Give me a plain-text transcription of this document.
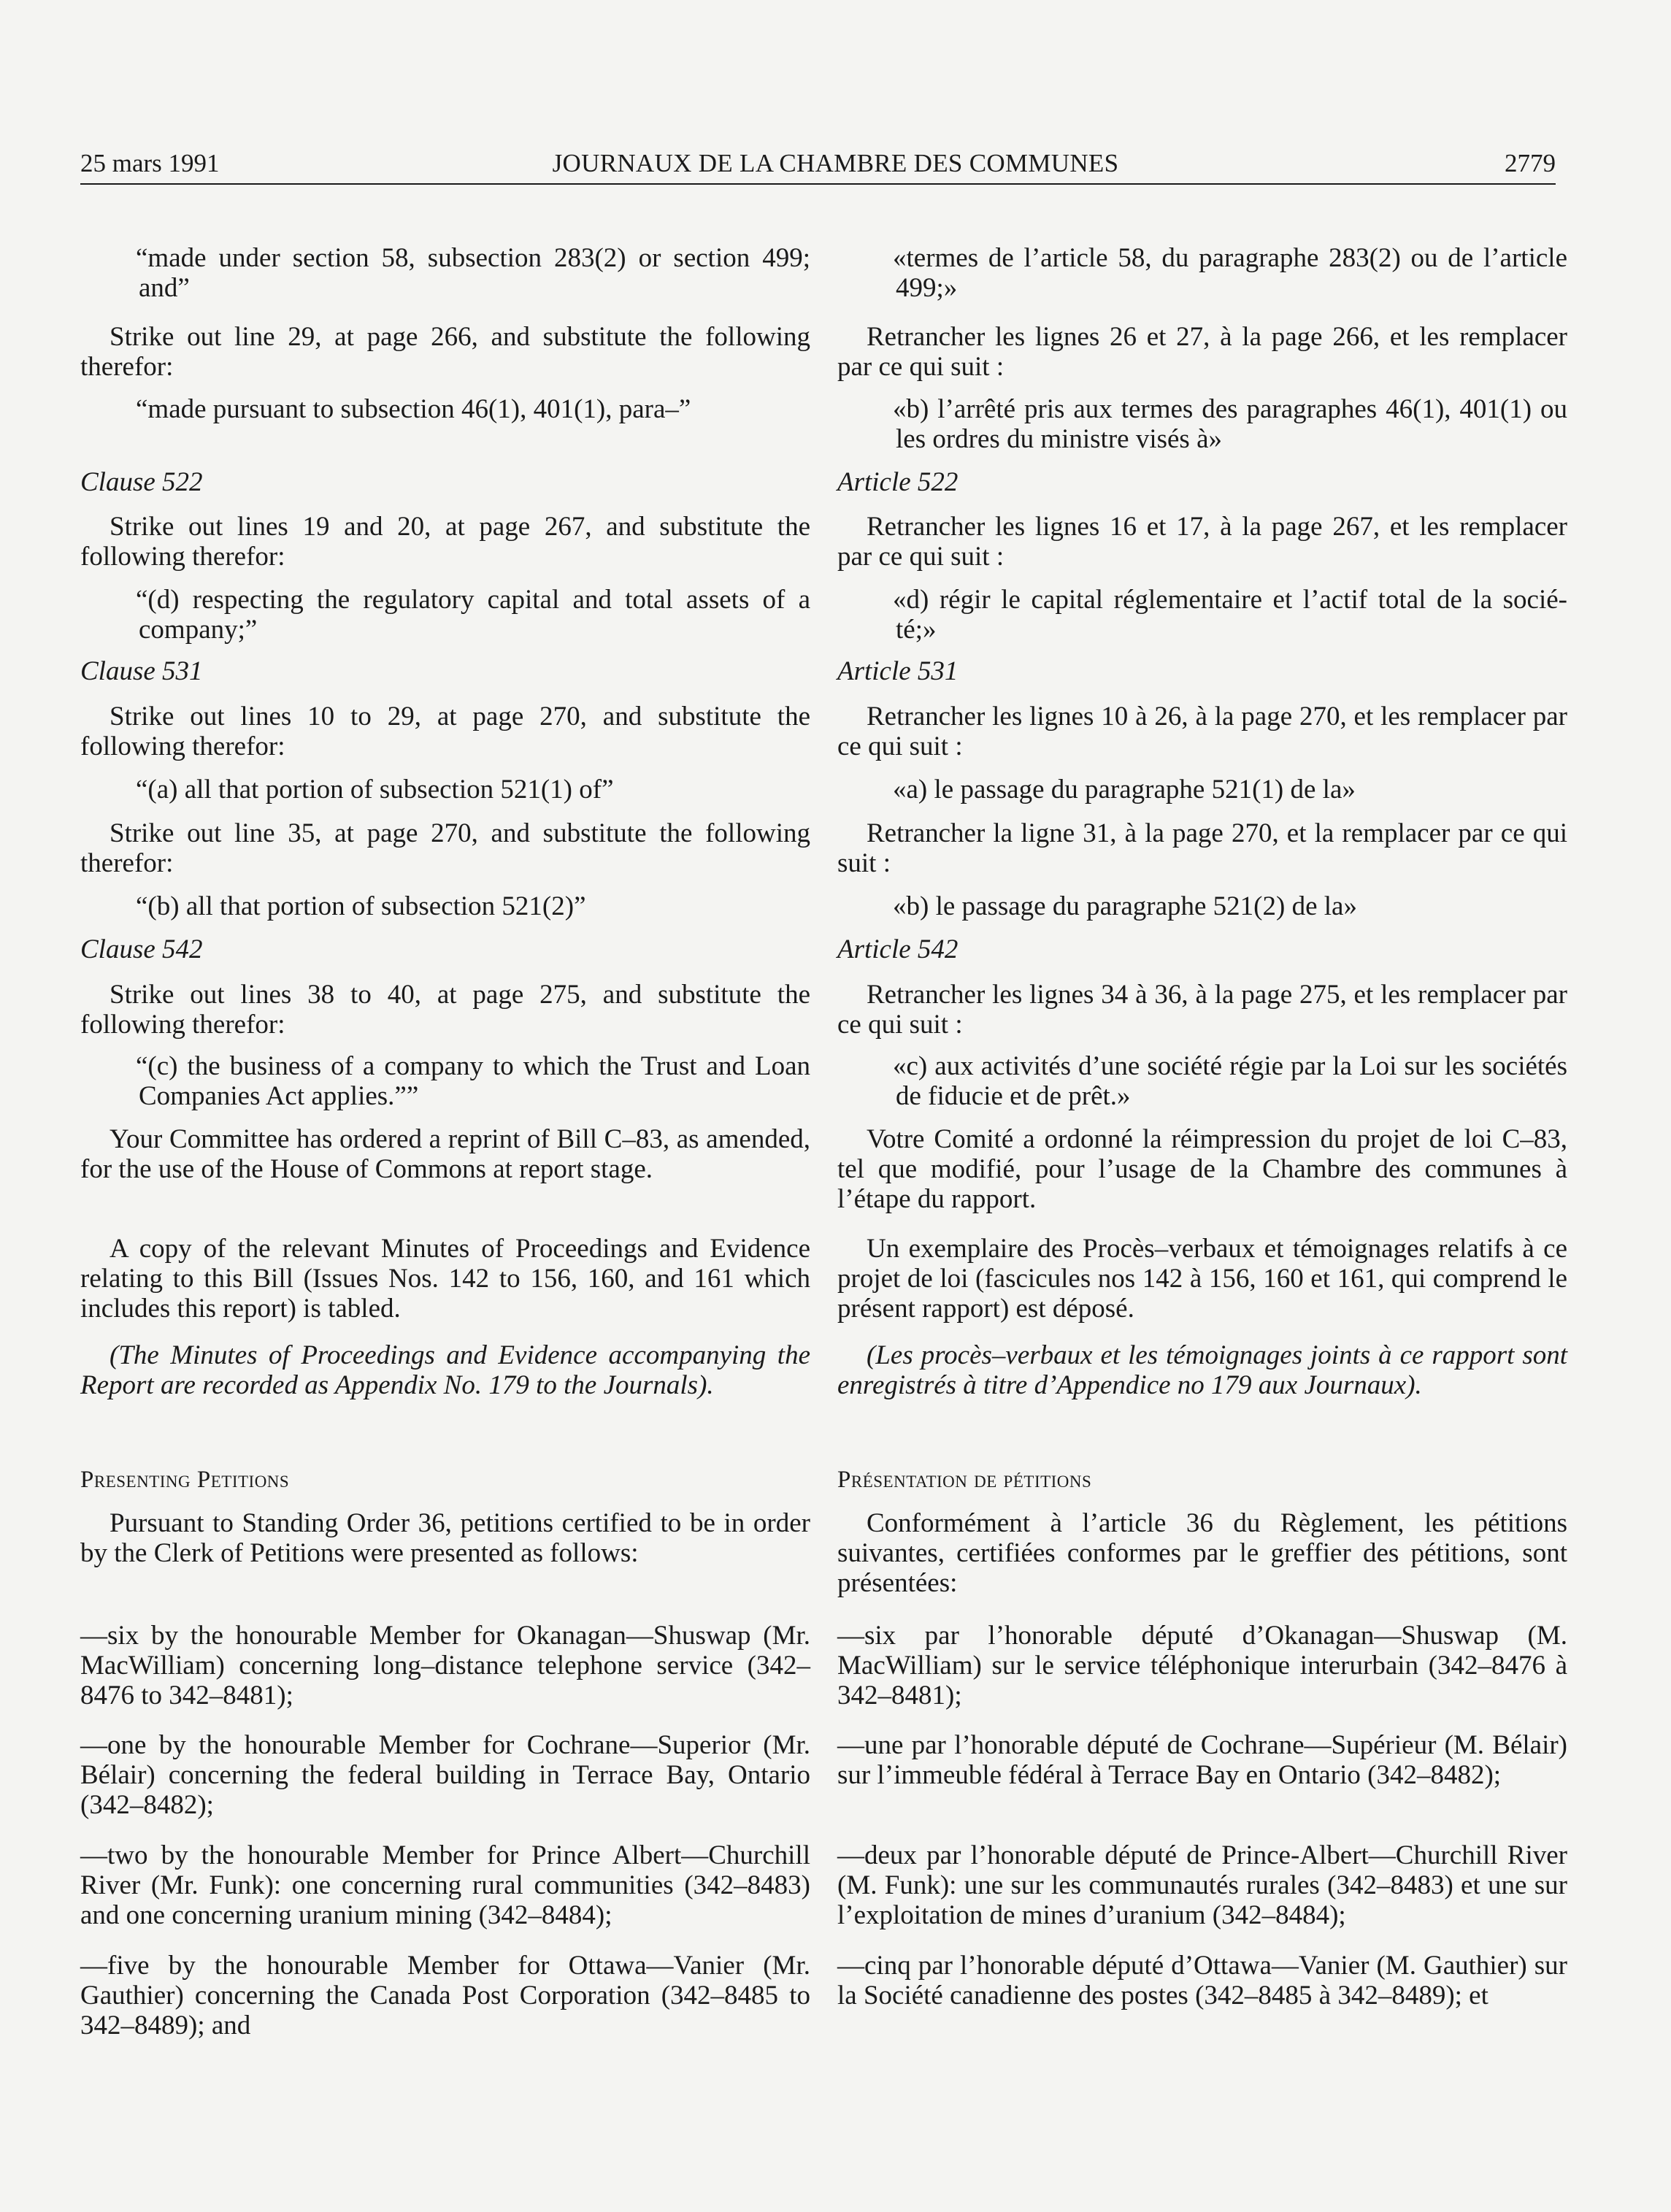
25 mars 1991	JOURNAUX DE LA CHAMBRE DES COMMUNES	2779

“made under section 58, subsection 283(2) or section 499; and”

Strike out line 29, at page 266, and substitute the following therefor:

“made pursuant to subsection 46(1), 401(1), para–”

Clause 522

Strike out lines 19 and 20, at page 267, and substitute the following therefor:

“(d) respecting the regulatory capital and total assets of a company;”

Clause 531

Strike out lines 10 to 29, at page 270, and substitute the following therefor:

“(a) all that portion of subsection 521(1) of”

Strike out line 35, at page 270, and substitute the following therefor:

“(b) all that portion of subsection 521(2)”

Clause 542

Strike out lines 38 to 40, at page 275, and substitute the following therefor:

“(c) the business of a company to which the Trust and Loan Companies Act applies.””

Your Committee has ordered a reprint of Bill C–83, as amended, for the use of the House of Commons at report stage.

A copy of the relevant Minutes of Proceedings and Evidence relating to this Bill (Issues Nos. 142 to 156, 160, and 161 which includes this report) is tabled.

(The Minutes of Proceedings and Evidence accompanying the Report are recorded as Appendix No. 179 to the Journals).

Presenting Petitions

Pursuant to Standing Order 36, petitions certified to be in order by the Clerk of Petitions were presented as follows:

—six by the honourable Member for Okanagan—Shuswap (Mr. MacWilliam) concerning long–distance telephone service (342–8476 to 342–8481);

—one by the honourable Member for Cochrane—Superior (Mr. Bélair) concerning the federal building in Terrace Bay, Ontario (342–8482);

—two by the honourable Member for Prince Albert—Churchill River (Mr. Funk): one concerning rural communities (342–8483) and one concerning uranium mining (342–8484);

—five by the honourable Member for Ottawa—Vanier (Mr. Gauthier) concerning the Canada Post Corporation (342–8485 to 342–8489); and

«termes de l’article 58, du paragraphe 283(2) ou de l’article 499;»

Retrancher les lignes 26 et 27, à la page 266, et les remplacer par ce qui suit :

«b) l’arrêté pris aux termes des paragraphes 46(1), 401(1) ou les ordres du ministre visés à»

Article 522

Retrancher les lignes 16 et 17, à la page 267, et les remplacer par ce qui suit :

«d) régir le capital réglementaire et l’actif total de la socié-té;»

Article 531

Retrancher les lignes 10 à 26, à la page 270, et les remplacer par ce qui suit :

«a) le passage du paragraphe 521(1) de la»

Retrancher la ligne 31, à la page 270, et la remplacer par ce qui suit :

«b) le passage du paragraphe 521(2) de la»

Article 542

Retrancher les lignes 34 à 36, à la page 275, et les remplacer par ce qui suit :

«c) aux activités d’une société régie par la Loi sur les sociétés de fiducie et de prêt.»

Votre Comité a ordonné la réimpression du projet de loi C–83, tel que modifié, pour l’usage de la Chambre des communes à l’étape du rapport.

Un exemplaire des Procès–verbaux et témoignages relatifs à ce projet de loi (fascicules nos 142 à 156, 160 et 161, qui comprend le présent rapport) est déposé.

(Les procès–verbaux et les témoignages joints à ce rapport sont enregistrés à titre d’Appendice no 179 aux Journaux).

Présentation de pétitions

Conformément à l’article 36 du Règlement, les pétitions suivantes, certifiées conformes par le greffier des pétitions, sont présentées:

—six par l’honorable député d’Okanagan—Shuswap (M. MacWilliam) sur le service téléphonique interurbain (342–8476 à 342–8481);

—une par l’honorable député de Cochrane—Supérieur (M. Bélair) sur l’immeuble fédéral à Terrace Bay en Ontario (342–8482);

—deux par l’honorable député de Prince-Albert—Churchill River (M. Funk): une sur les communautés rurales (342–8483) et une sur l’exploitation de mines d’uranium (342–8484);

—cinq par l’honorable député d’Ottawa—Vanier (M. Gauthier) sur la Société canadienne des postes (342–8485 à 342–8489); et
